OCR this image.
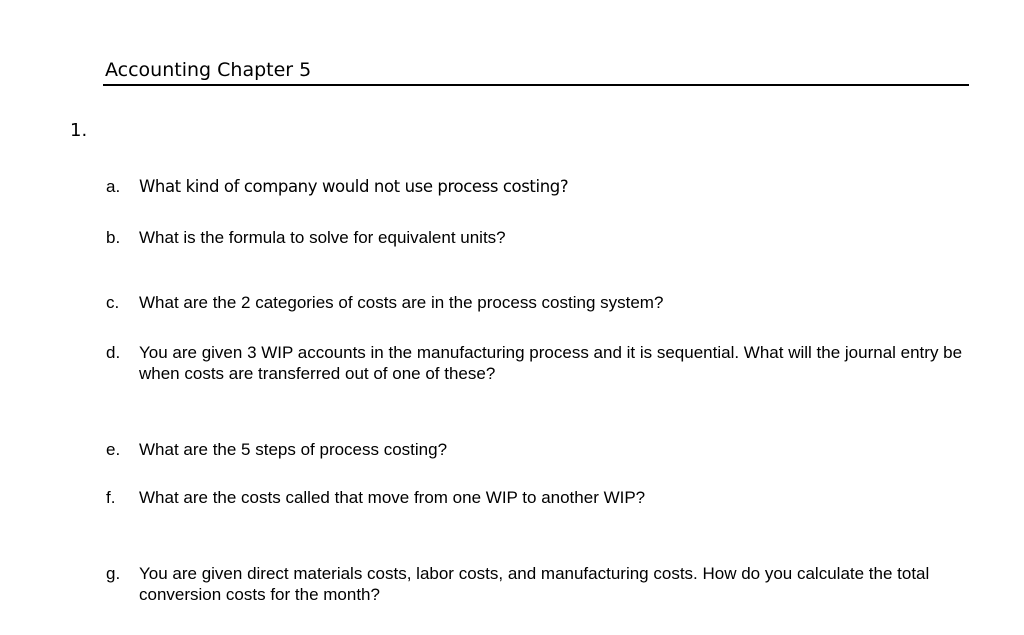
Accounting Chapter 5
1.
a. What kind of company would not use process costing?
b. What is the formula to solve for equivalent units?
c. What are the 2 categories of costs are in the process costing system?
d. You are given 3 WIP accounts in the manufacturing process and it is sequential. What will the journal entry be when costs are transferred out of one of these?
e. What are the 5 steps of process costing?
f. What are the costs called that move from one WIP to another WIP?
g. You are given direct materials costs, labor costs, and manufacturing costs. How do you calculate the total conversion costs for the month?
